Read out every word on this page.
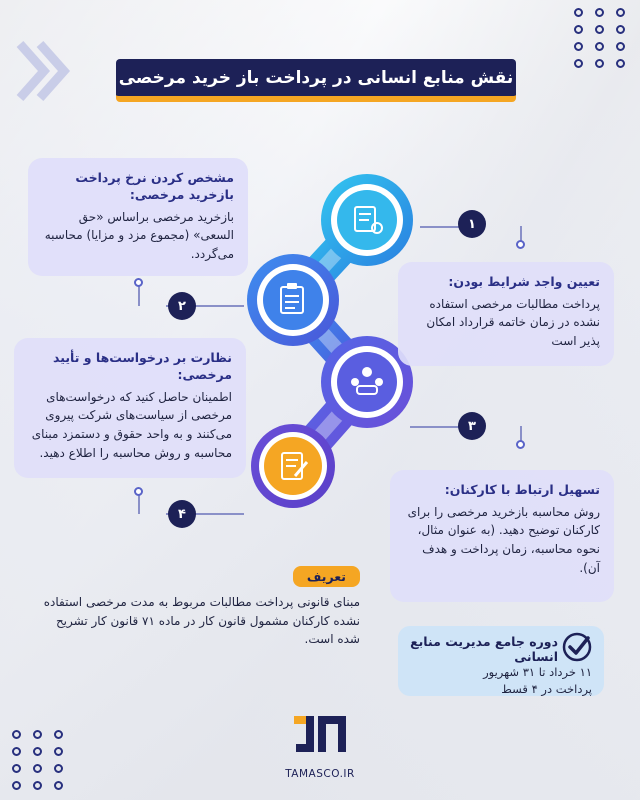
نقش منابع انسانی در پرداخت باز خرید مرخصی
۱
۲
۳
۴
مشخص کردن نرخ پرداخت بازخرید مرخصی:

بازخرید مرخصی براساس «حق السعی» (مجموع مزد و مزایا) محاسبه می‌گردد.

تعیین واجد شرایط بودن:

پرداخت مطالبات مرخصی استفاده نشده در زمان خاتمه قرارداد امکان پذیر است

نظارت بر درخواست‌ها و تأیید مرخصی:

اطمینان حاصل کنید که درخواست‌های مرخصی از سیاست‌های شرکت پیروی می‌کنند و به واحد حقوق و دستمزد مبنای محاسبه و روش محاسبه را اطلاع دهید.

تسهیل ارتباط با کارکنان:

روش محاسبه بازخرید مرخصی را برای کارکنان توضیح دهید. (به عنوان مثال، نحوه محاسبه، زمان پرداخت و هدف آن).

تعریف

مبنای قانونی پرداخت مطالبات مربوط به مدت مرخصی استفاده نشده کارکنان مشمول قانون کار در ماده ۷۱ قانون کار تشریح شده است.	دوره جامع مدیریت منابع انسانی

۱۱ خرداد تا ۳۱ شهریور

پرداخت در ۴ قسط

TAMASCO.IR
